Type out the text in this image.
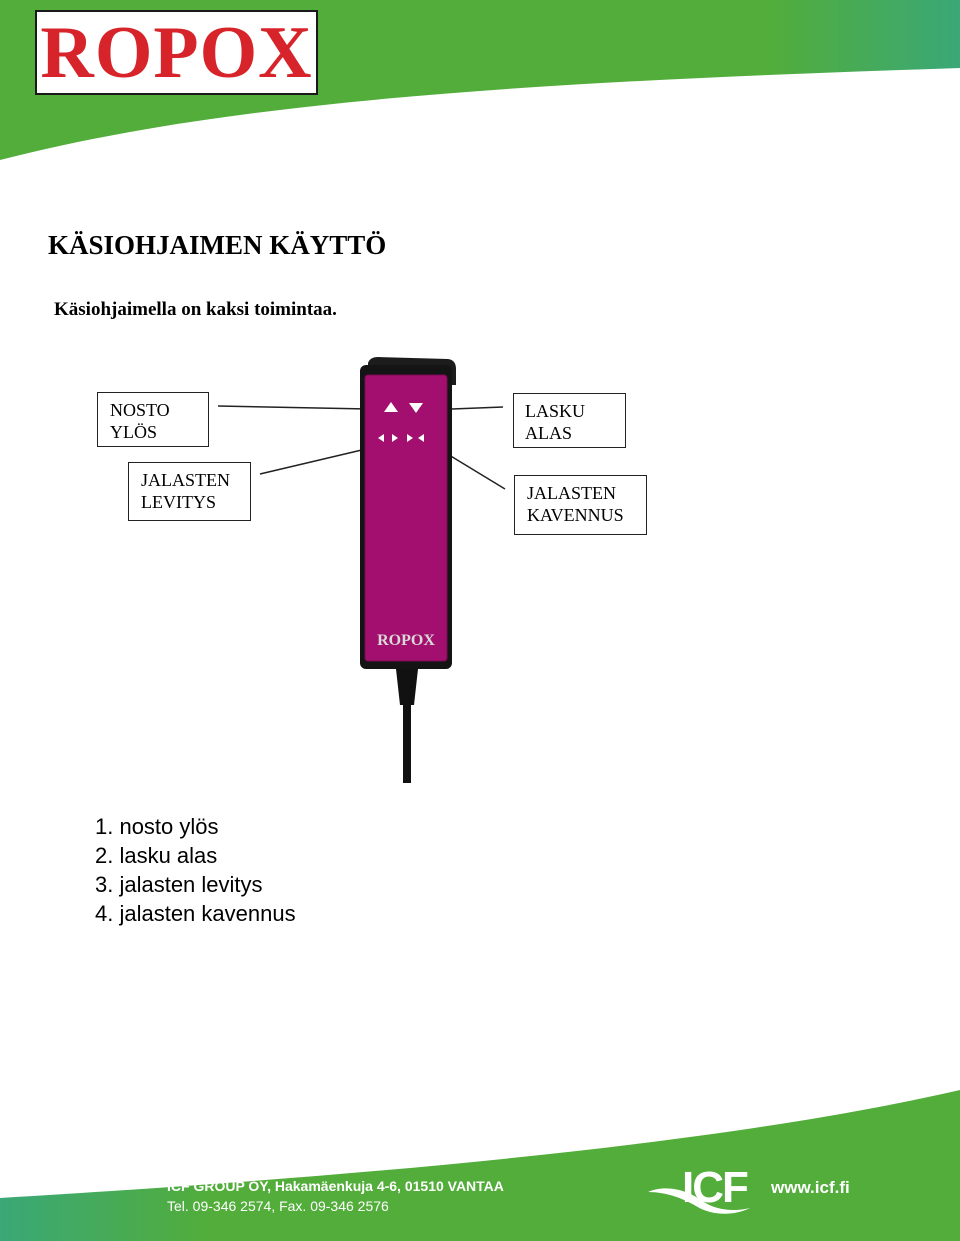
ROPOX
KÄSIOHJAIMEN KÄYTTÖ
Käsiohjaimella on kaksi toimintaa.
NOSTO
YLÖS
JALASTEN
LEVITYS
LASKU
ALAS
JALASTEN
KAVENNUS
ROPOX
1. nosto ylös
2. lasku alas
3. jalasten levitys
4. jalasten kavennus
ICF GROUP OY, Hakamäenkuja 4-6, 01510 VANTAA
Tel. 09-346 2574, Fax. 09-346 2576	ICF www.icf.fi
